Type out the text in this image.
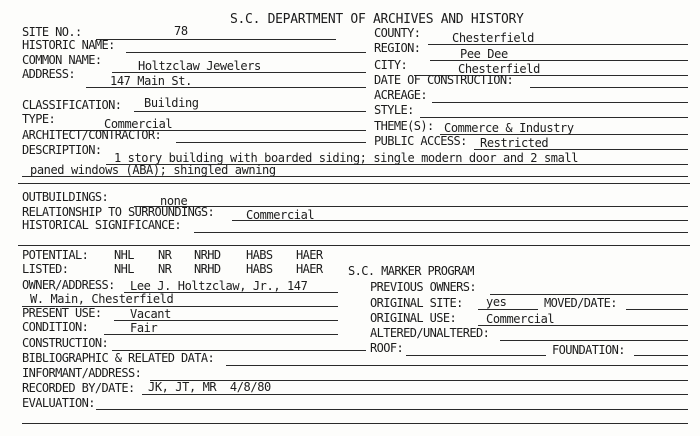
S.C. DEPARTMENT OF ARCHIVES AND HISTORY
SITE NO.:	78
HISTORIC NAME:
COMMON NAME:	Holtzclaw Jewelers
ADDRESS:	147 Main St.
CLASSIFICATION: Building
TYPE:	Commercial
ARCHITECT/CONTRACTOR:
DESCRIPTION:
1 story building with boarded siding; single modern door and 2 small
paned windows (ABA); shingled awning
OUTBUILDINGS:	none
RELATIONSHIP TO SURROUNDINGS:	Commercial
HISTORICAL SIGNIFICANCE:
POTENTIAL: NHL NR NRHD HABS HAER
LISTED:	NHL NR NRHD HABS HAER
OWNER/ADDRESS: Lee J. Holtzclaw, Jr., 147
W. Main, Chesterfield
PRESENT USE: Vacant
CONDITION:	Fair
CONSTRUCTION:
BIBLIOGRAPHIC & RELATED DATA:
INFORMANT/ADDRESS:
RECORDED BY/DATE: JK, JT, MR  4/8/80
EVALUATION:
COUNTY:	Chesterfield
REGION:	Pee Dee
CITY:	Chesterfield
DATE OF CONSTRUCTION:
ACREAGE:
STYLE:
THEME(S): Commerce & Industry
PUBLIC ACCESS: Restricted
S.C. MARKER PROGRAM
PREVIOUS OWNERS:
ORIGINAL SITE: yes	MOVED/DATE:
ORIGINAL USE: Commercial
ALTERED/UNALTERED:
ROOF:	FOUNDATION:
